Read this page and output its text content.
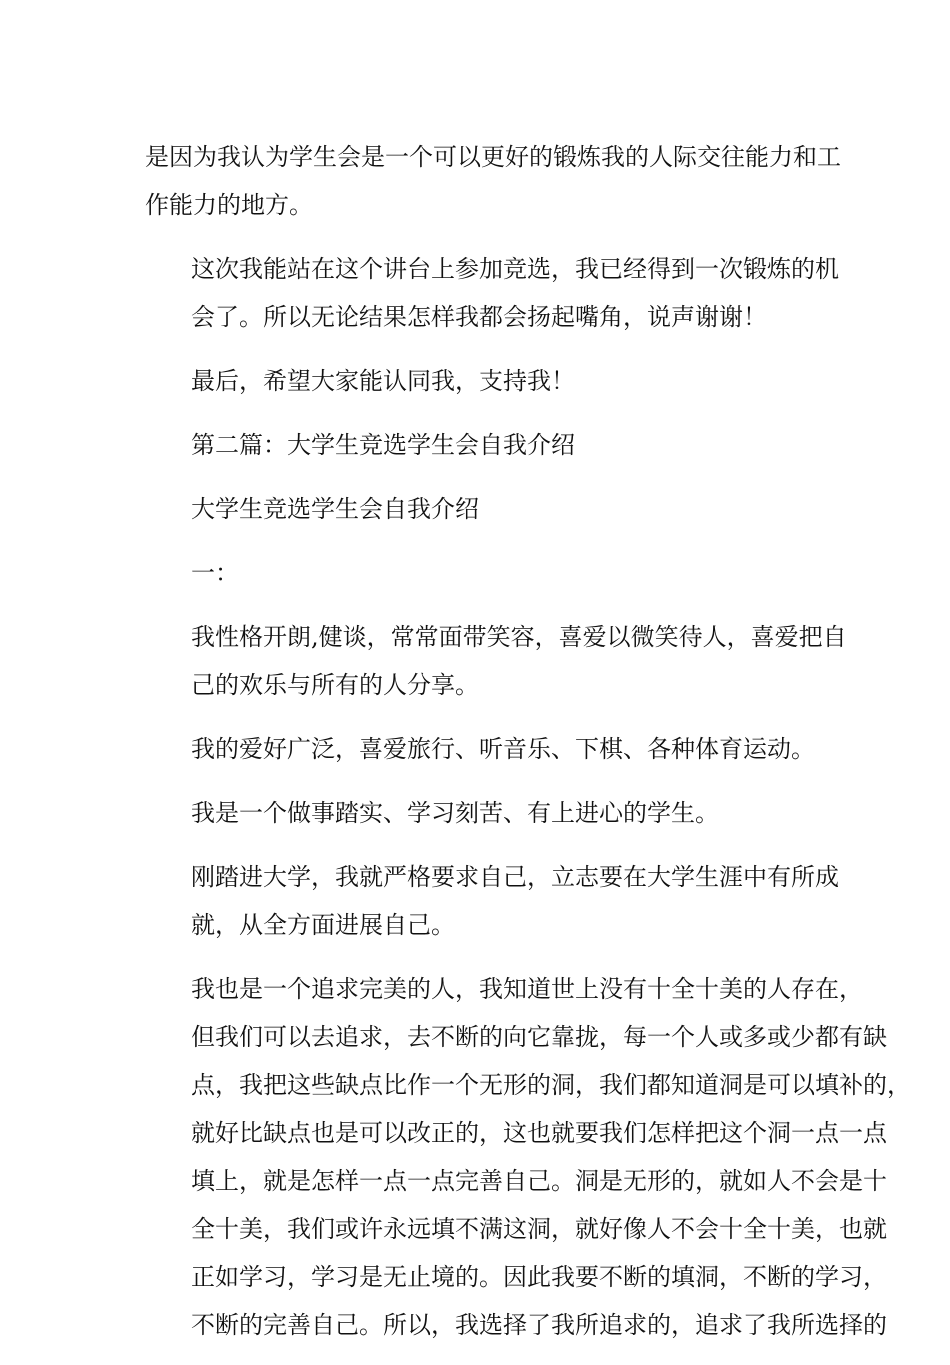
是因为我认为学生会是一个可以更好的锻炼我的人际交往能力和工
作能力的地方。

这次我能站在这个讲台上参加竞选，我已经得到一次锻炼的机
会了。所以无论结果怎样我都会扬起嘴角，说声谢谢！

最后，希望大家能认同我，支持我！

第二篇：大学生竞选学生会自我介绍

大学生竞选学生会自我介绍

一：

我性格开朗,健谈，常常面带笑容，喜爱以微笑待人，喜爱把自
己的欢乐与所有的人分享。

我的爱好广泛，喜爱旅行、听音乐、下棋、各种体育运动。

我是一个做事踏实、学习刻苦、有上进心的学生。

刚踏进大学，我就严格要求自己，立志要在大学生涯中有所成
就，从全方面进展自己。

我也是一个追求完美的人，我知道世上没有十全十美的人存在，
但我们可以去追求，去不断的向它靠拢，每一个人或多或少都有缺
点，我把这些缺点比作一个无形的洞，我们都知道洞是可以填补的，
就好比缺点也是可以改正的，这也就要我们怎样把这个洞一点一点
填上，就是怎样一点一点完善自己。洞是无形的，就如人不会是十
全十美，我们或许永远填不满这洞，就好像人不会十全十美，也就
正如学习，学习是无止境的。因此我要不断的填洞，不断的学习，
不断的完善自己。所以，我选择了我所追求的，追求了我所选择的
